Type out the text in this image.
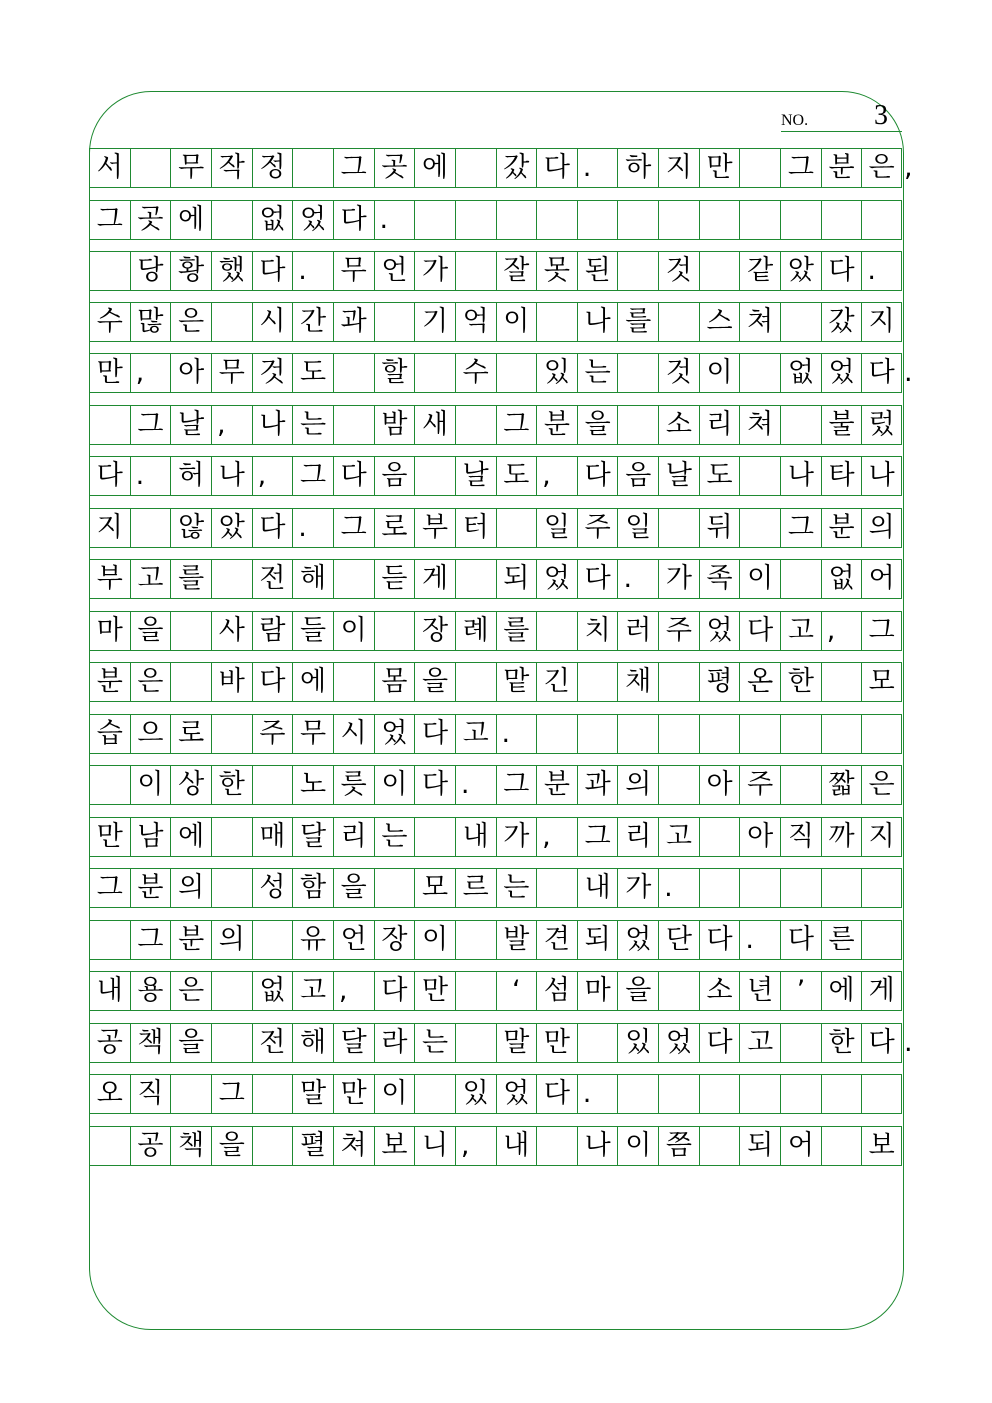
NO. 3
서 무 작 정 그 곳 에 갔 다 .	하 지 만 그 분 은
그 곳 에 없 었 다 .
당 황 했 다 .	무 언 가 잘 못 된 것 같 았 다 .
수 많 은 시 간 과 기 억 이 나 를 스 쳐 갔 지
만 ,	아 무 것 도 할 수 있 는 것 이 없 었 다
그 날 ,	나 는 밤 새 그 분 을 소 리 쳐 불 렀
다 .	허 나 ,	그 다 음 날 도 ,	다 음 날 도 나 타 나
지 않 았 다 .	그 로 부 터 일 주 일 뒤 그 분 의
부 고 를 전 해 듣 게 되 었 다 .	가 족 이 없 어
마 을 사 람 들 이 장 례 를 치 러 주 었 다 고 ,	그
분 은 바 다 에 몸 을 맡 긴 채 평 온 한 모
습 으 로 주 무 시 었 다 고 .
이 상 한 노 릇 이 다 .	그 분 과 의 아 주 짧 은
만 남 에 매 달 리 는 내 가 ,	그 리 고 아 직 까 지
그 분 의 성 함 을 모 르 는 내 가 .
그 분 의 유 언 장 이 발 견 되 었 단 다 .	다 른
내 용 은 없 고 ,	다 만	‘ 섬 마 을 소 년 ’ 에 게
공 책 을 전 해 달 라 는 말 만 있 었 다 고 한 다
오 직 그 말 만 이 있 었 다 .
공 책 을 펼 쳐 보 니 ,	내 나 이 쯤 되 어 보
,
.
.
